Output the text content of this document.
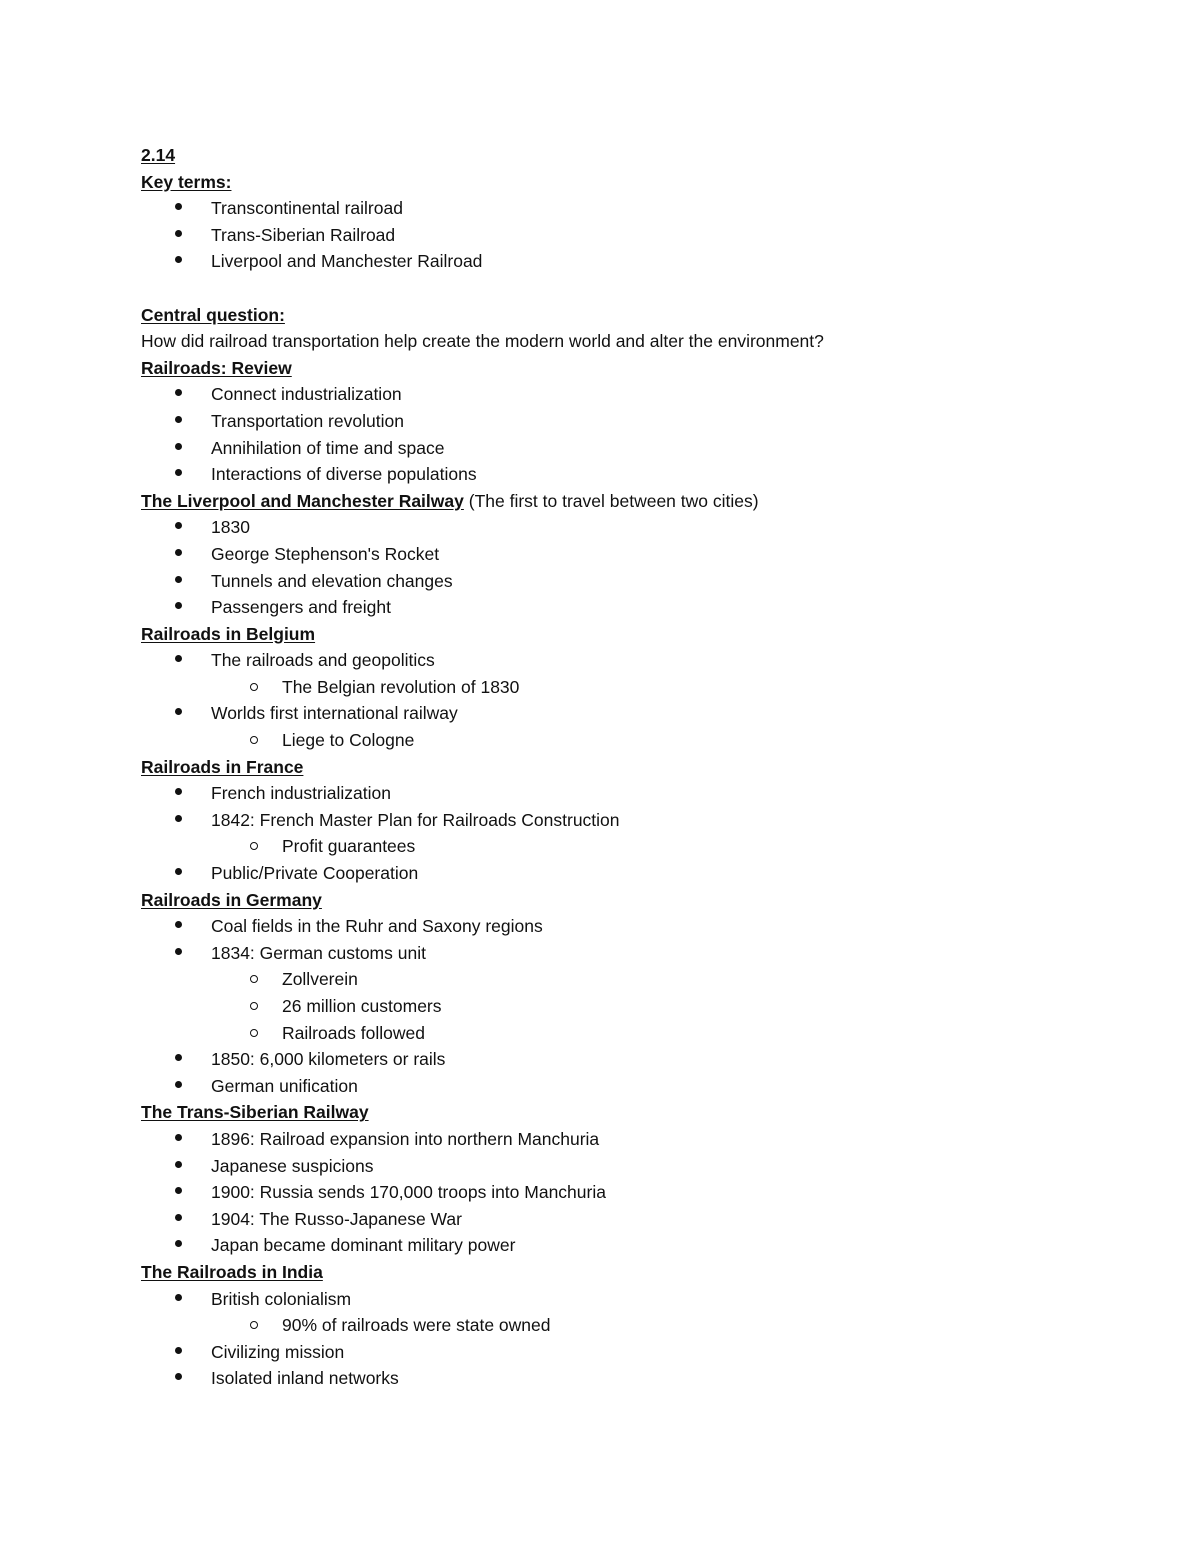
2.14
Key terms:
Transcontinental railroad
Trans-Siberian Railroad
Liverpool and Manchester Railroad
Central question:
How did railroad transportation help create the modern world and alter the environment?
Railroads: Review
Connect industrialization
Transportation revolution
Annihilation of time and space
Interactions of diverse populations
The Liverpool and Manchester Railway (The first to travel between two cities)
1830
George Stephenson's Rocket
Tunnels and elevation changes
Passengers and freight
Railroads in Belgium
The railroads and geopolitics
The Belgian revolution of 1830
Worlds first international railway
Liege to Cologne
Railroads in France
French industrialization
1842: French Master Plan for Railroads Construction
Profit guarantees
Public/Private Cooperation
Railroads in Germany
Coal fields in the Ruhr and Saxony regions
1834: German customs unit
Zollverein
26 million customers
Railroads followed
1850: 6,000 kilometers or rails
German unification
The Trans-Siberian Railway
1896: Railroad expansion into northern Manchuria
Japanese suspicions
1900: Russia sends 170,000 troops into Manchuria
1904: The Russo-Japanese War
Japan became dominant military power
The Railroads in India
British colonialism
90% of railroads were state owned
Civilizing mission
Isolated inland networks
